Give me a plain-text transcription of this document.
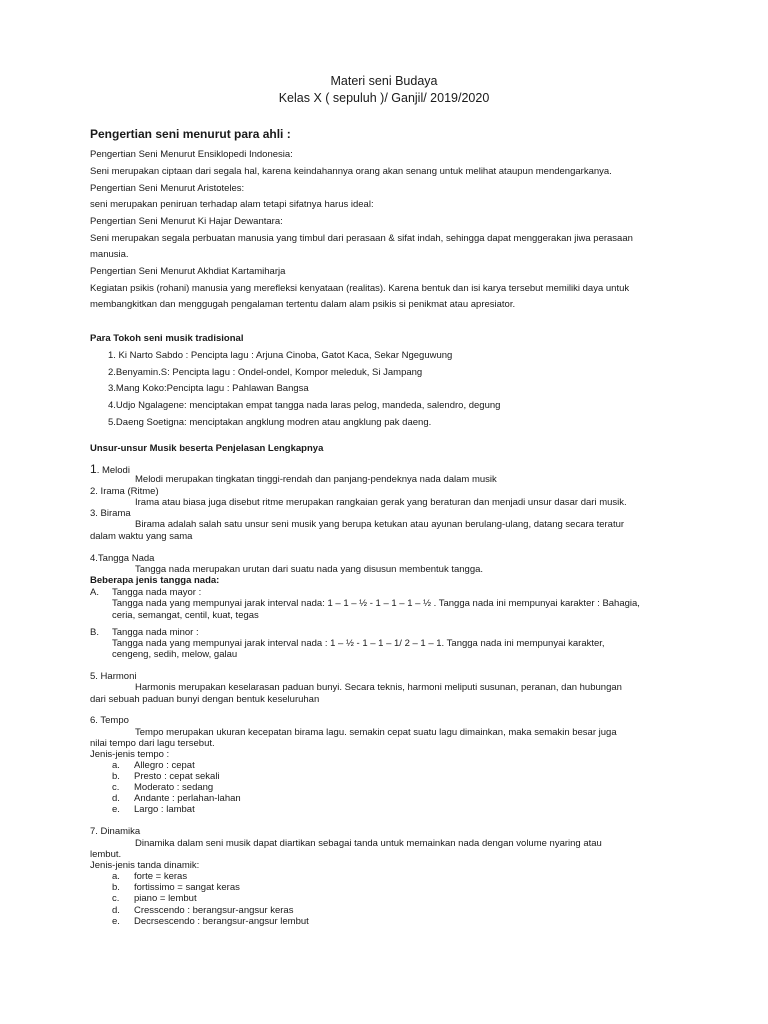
Materi seni Budaya
Kelas X ( sepuluh )/ Ganjil/ 2019/2020
Pengertian seni menurut para ahli :
Pengertian Seni Menurut Ensiklopedi Indonesia:
Seni merupakan ciptaan dari segala hal, karena keindahannya orang akan senang untuk melihat ataupun mendengarkanya.
Pengertian Seni Menurut Aristoteles:
seni merupakan peniruan terhadap alam tetapi sifatnya harus ideal:
Pengertian Seni Menurut Ki Hajar Dewantara:
Seni merupakan segala perbuatan manusia yang timbul dari perasaan & sifat indah, sehingga dapat menggerakan jiwa perasaan
manusia.
Pengertian Seni Menurut Akhdiat Kartamiharja
Kegiatan psikis (rohani) manusia yang merefleksi kenyataan (realitas). Karena bentuk dan isi karya tersebut memiliki daya untuk
membangkitkan dan menggugah pengalaman tertentu dalam alam psikis si penikmat atau apresiator.
Para Tokoh seni musik tradisional
1. Ki Narto Sabdo : Pencipta lagu : Arjuna Cinoba, Gatot Kaca, Sekar Ngeguwung
2.Benyamin.S: Pencipta lagu : Ondel-ondel, Kompor meleduk, Si Jampang
3.Mang Koko:Pencipta lagu : Pahlawan Bangsa
4.Udjo Ngalagene: menciptakan empat tangga nada laras pelog, mandeda, salendro, degung
5.Daeng Soetigna: menciptakan angklung modren atau angklung pak daeng.
Unsur-unsur Musik beserta Penjelasan Lengkapnya
1. Melodi
Melodi merupakan tingkatan tinggi-rendah dan panjang-pendeknya nada dalam musik
2. Irama (Ritme)
Irama atau biasa juga disebut ritme merupakan rangkaian gerak yang beraturan dan menjadi unsur dasar dari musik.
3. Birama
Birama adalah salah satu unsur seni musik yang berupa ketukan atau ayunan berulang-ulang, datang secara teratur
dalam waktu yang sama
4.Tangga Nada
Tangga nada merupakan urutan dari suatu nada yang disusun membentuk tangga.
Beberapa jenis tangga nada:
A. Tangga nada mayor :
Tangga nada yang mempunyai jarak interval nada: 1 – 1 – ½ - 1 – 1 – 1 – ½ . Tangga nada ini mempunyai karakter : Bahagia,
ceria, semangat, centil, kuat, tegas
B. Tangga nada minor :
Tangga nada yang mempunyai jarak interval nada : 1 – ½ - 1 – 1 – 1/ 2 – 1 – 1. Tangga nada ini mempunyai karakter,
cengeng, sedih, melow, galau
5. Harmoni
Harmonis merupakan keselarasan paduan bunyi. Secara teknis, harmoni meliputi susunan, peranan, dan hubungan
dari sebuah paduan bunyi dengan bentuk keseluruhan
6. Tempo
Tempo merupakan ukuran kecepatan birama lagu. semakin cepat suatu lagu dimainkan, maka semakin besar juga
nilai tempo dari lagu tersebut.
Jenis-jenis tempo :
a. Allegro : cepat
b. Presto : cepat sekali
c. Moderato : sedang
d. Andante : perlahan-lahan
e. Largo : lambat
7. Dinamika
Dinamika dalam seni musik dapat diartikan sebagai tanda untuk memainkan nada dengan volume nyaring atau
lembut.
Jenis-jenis tanda dinamik:
a. forte = keras
b. fortissimo = sangat keras
c. piano = lembut
d. Cresscendo : berangsur-angsur keras
e. Decrsescendo : berangsur-angsur lembut
